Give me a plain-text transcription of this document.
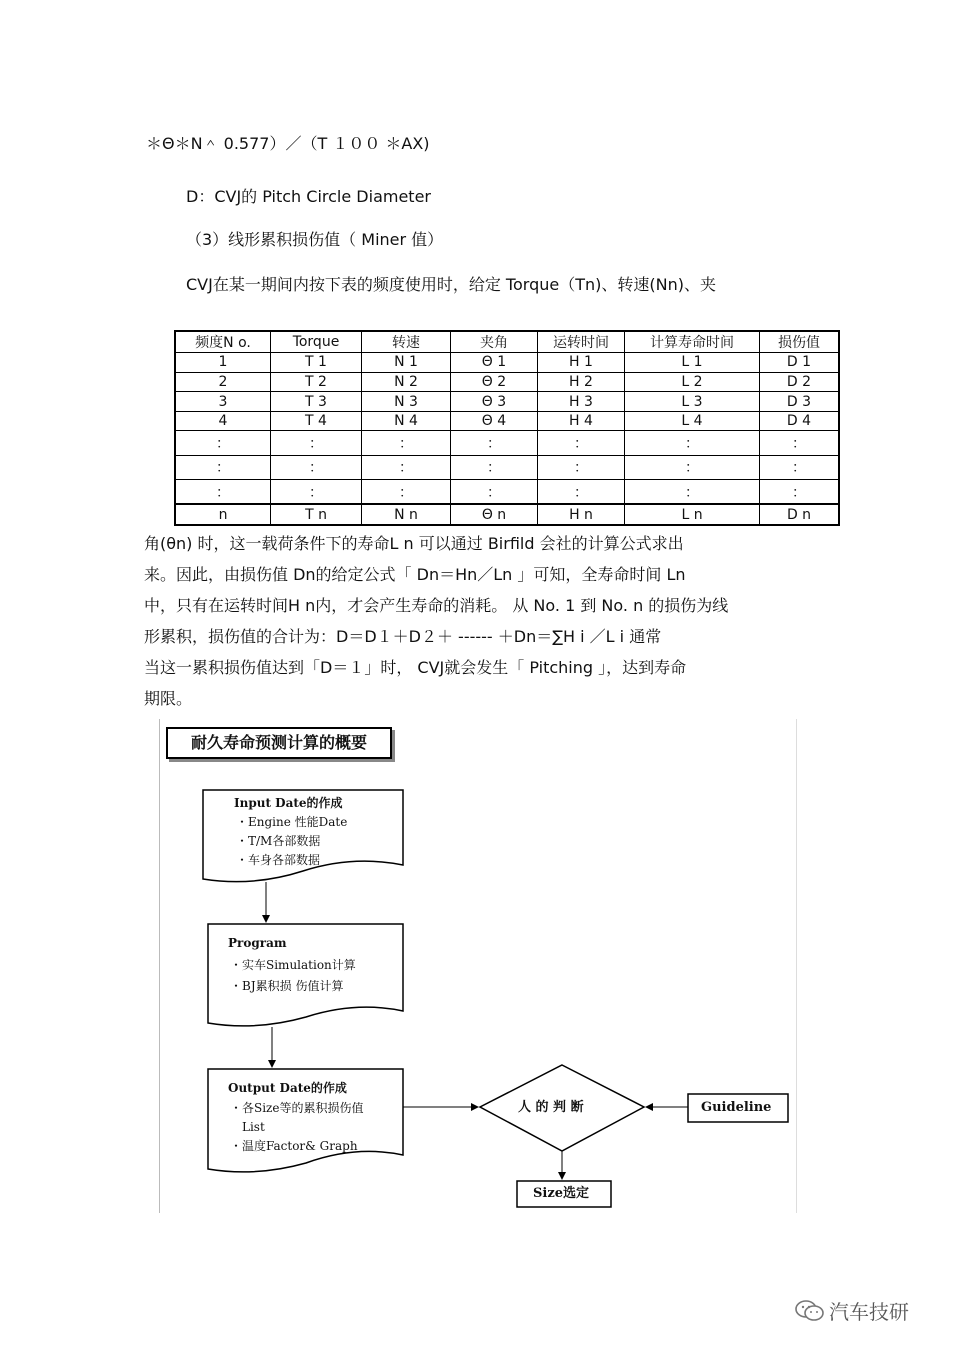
＊Θ＊N＾ 0.577）／（T １００ ＊AX)
D：CVJ的 Pitch Circle Diameter
（3）线形累积损伤值（ Miner 值）
CVJ在某一期间内按下表的频度使用时，给定 Torque（Tn)、转速(Nn)、夹
频度N o.	Torque	转速	夹角	运转时间	计算寿命时间	损伤值
1	T 1	N 1	Θ 1	H 1	L 1	D 1
2	T 2	N 2	Θ 2	H 2	L 2	D 2
3	T 3	N 3	Θ 3	H 3	L 3	D 3
4	T 4	N 4	Θ 4	H 4	L 4	D 4
：	：	：	：	：	：	：
：	：	：	：	：	：	：
：	：	：	：	：	：	：
n	T n	N n	Θ n	H n	L n	D n

角(θn) 时，这一载荷条件下的寿命L n 可以通过 Birfild 会社的计算公式求出

来。因此，由损伤值 Dn的给定公式「 Dn＝Hn／Ln 」可知，全寿命时间 Ln

中，只有在运转时间H n内，才会产生寿命的消耗。 从 No. 1 到 No. n 的损伤为线

形累积，损伤值的合计为：D＝D１＋D２＋ ------ ＋Dn＝∑H i ／L i 通常

当这一累积损伤值达到「D＝１」时， CVJ就会发生「 Pitching 」，达到寿命

期限。

耐久寿命预测计算的概要
Input Date的作成
・Engine 性能Date
・T/M各部数据
・车身各部数据
Program
・实车Simulation计算
・BJ累积损 伤值计算
Output Date的作成
・各Size等的累积损伤值
List
・温度Factor& Graph
人 的 判 断	Guideline
Size选定
汽车技研
